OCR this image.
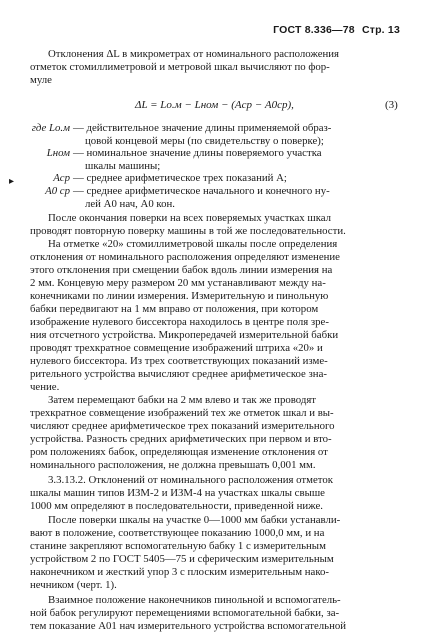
ГОСТ 8.336—78 Стр. 13
Отклонения ΔL в микрометрах от номинального расположения
отметок стомиллиметровой и метровой шкал вычисляют по фор-
муле
ΔL = Lо.м − Lном − (Aср − A0ср),	(3)
где Lо.м — действительное значение длины применяемой образ-
цовой концевой меры (по свидетельству о поверке);
Lном — номинальное значение длины поверяемого участка
шкалы машины;
Aср — среднее арифметическое трех показаний A;
A0 ср — среднее арифметическое начального и конечного ну-
лей A0 нач, A0 кон.
▸
После окончания поверки на всех поверяемых участках шкал
проводят повторную поверку машины в той же последовательности.
На отметке «20» стомиллиметровой шкалы после определения
отклонения от номинального расположения определяют изменение
этого отклонения при смещении бабок вдоль линии измерения на
2 мм. Концевую меру размером 20 мм устанавливают между на-
конечниками по линии измерения. Измерительную и пинольную
бабки передвигают на 1 мм вправо от положения, при котором
изображение нулевого биссектора находилось в центре поля зре-
ния отсчетного устройства. Микропередачей измерительной бабки
проводят трехкратное совмещение изображений штриха «20» и
нулевого биссектора. Из трех соответствующих показаний изме-
рительного устройства вычисляют среднее арифметическое зна-
чение.
Затем перемещают бабки на 2 мм влево и так же проводят
трехкратное совмещение изображений тех же отметок шкал и вы-
числяют среднее арифметическое трех показаний измерительного
устройства. Разность средних арифметических при первом и вто-
ром положениях бабок, определяющая изменение отклонения от
номинального расположения, не должна превышать 0,001 мм.
3.3.13.2. Отклонений от номинального расположения отметок
шкалы машин типов ИЗМ-2 и ИЗМ-4 на участках шкалы свыше
1000 мм определяют в последовательности, приведенной ниже.
После поверки шкалы на участке 0—1000 мм бабки устанавли-
вают в положение, соответствующее показанию 1000,0 мм, и на
станине закрепляют вспомогательную бабку 1 с измерительным
устройством 2 по ГОСТ 5405—75 и сферическим измерительным
наконечником и жесткий упор 3 с плоским измерительным нако-
нечником (черт. 1).
Взаимное положение наконечников пинольной и вспомогатель-
ной бабок регулируют перемещениями вспомогательной бабки, за-
тем показание A01 нач измерительного устройства вспомогательной
